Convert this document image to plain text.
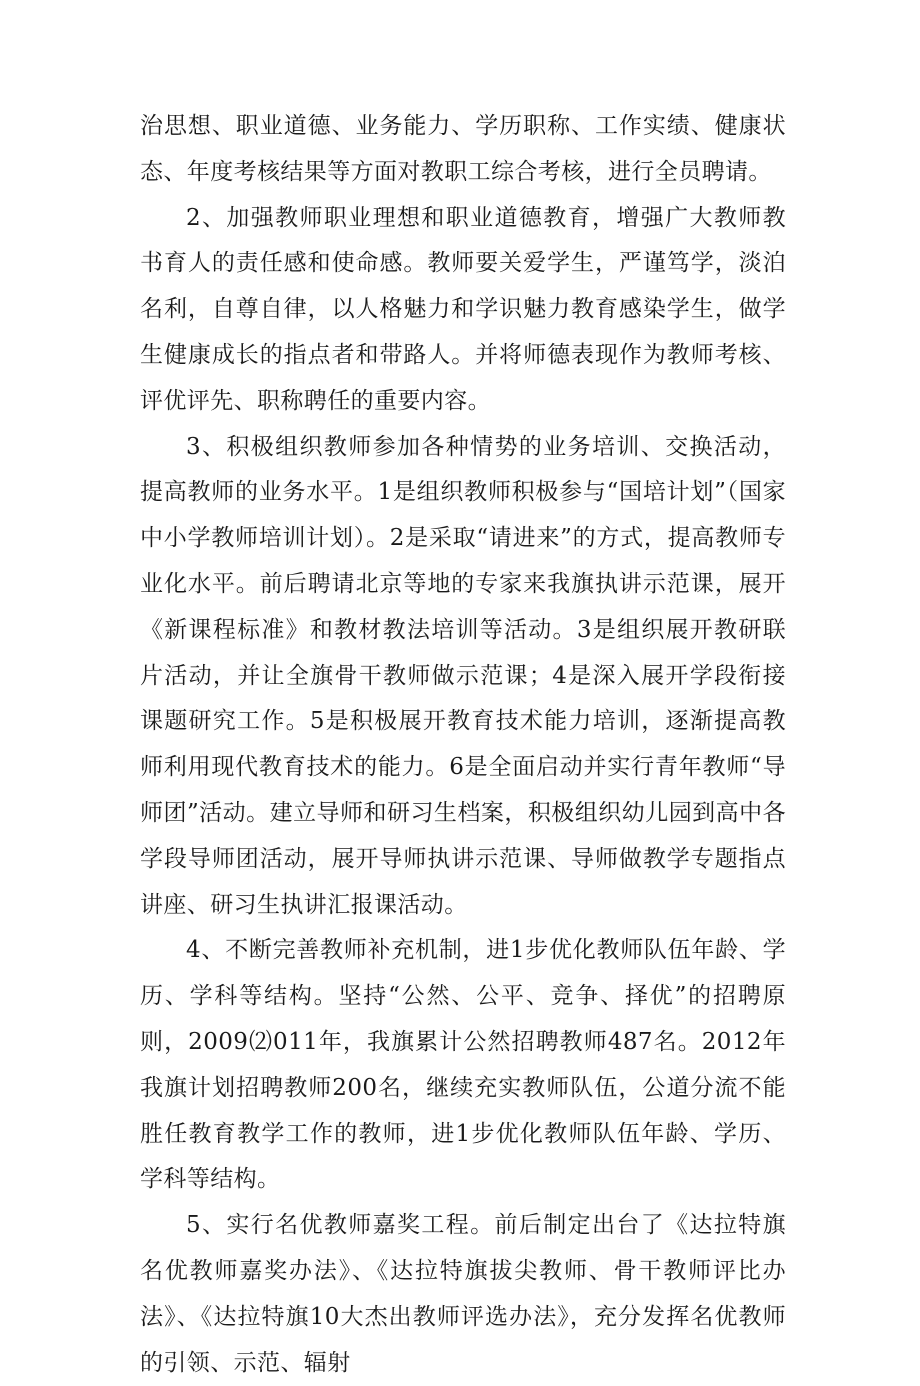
治思想、职业道德、业务能力、学历职称、工作实绩、健康状态、年度考核结果等方面对教职工综合考核，进行全员聘请。

2、加强教师职业理想和职业道德教育，增强广大教师教书育人的责任感和使命感。教师要关爱学生，严谨笃学，淡泊名利，自尊自律，以人格魅力和学识魅力教育感染学生，做学生健康成长的指点者和带路人。并将师德表现作为教师考核、评优评先、职称聘任的重要内容。

3、积极组织教师参加各种情势的业务培训、交换活动，提高教师的业务水平。1是组织教师积极参与“国培计划”（国家中小学教师培训计划）。2是采取“请进来”的方式，提高教师专业化水平。前后聘请北京等地的专家来我旗执讲示范课，展开《新课程标准》和教材教法培训等活动。3是组织展开教研联片活动，并让全旗骨干教师做示范课；4是深入展开学段衔接课题研究工作。5是积极展开教育技术能力培训，逐渐提高教师利用现代教育技术的能力。6是全面启动并实行青年教师“导师团”活动。建立导师和研习生档案，积极组织幼儿园到高中各学段导师团活动，展开导师执讲示范课、导师做教学专题指点讲座、研习生执讲汇报课活动。

4、不断完善教师补充机制，进1步优化教师队伍年龄、学历、学科等结构。坚持“公然、公平、竞争、择优”的招聘原则，2009⑵011年，我旗累计公然招聘教师487名。2012年我旗计划招聘教师200名，继续充实教师队伍，公道分流不能胜任教育教学工作的教师，进1步优化教师队伍年龄、学历、学科等结构。

5、实行名优教师嘉奖工程。前后制定出台了《达拉特旗名优教师嘉奖办法》、《达拉特旗拔尖教师、骨干教师评比办法》、《达拉特旗10大杰出教师评选办法》，充分发挥名优教师的引领、示范、辐射
